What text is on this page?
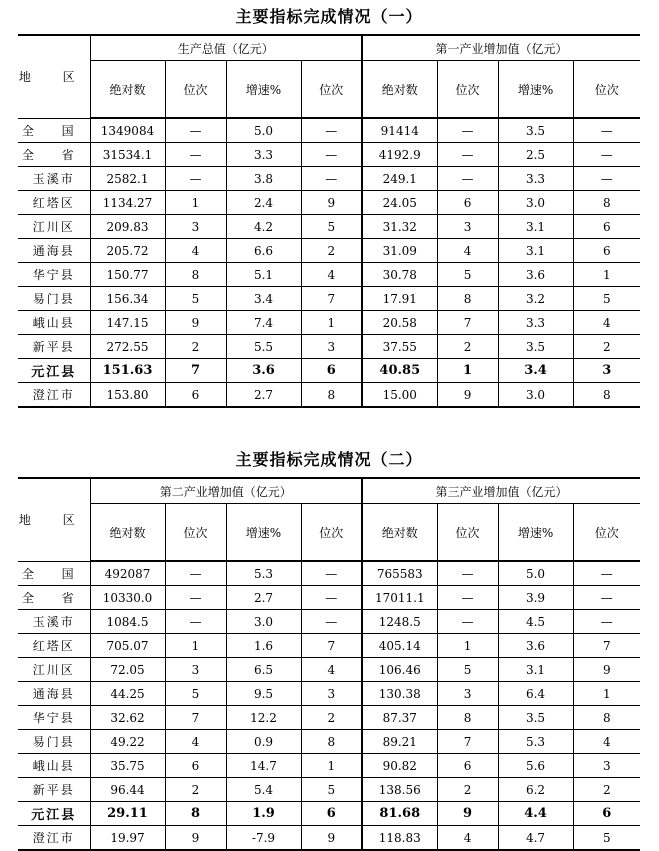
主要指标完成情况（一）
地 区	生产总值（亿元）				第一产业增加值（亿元）			
	绝对数	位次	增速%	位次	绝对数	位次	增速%	位次
全 国	1349084	—	5.0	—	91414	—	3.5	—
全 省	31534.1	—	3.3	—	4192.9	—	2.5	—
玉溪市	2582.1	—	3.8	—	249.1	—	3.3	—
红塔区	1134.27	1	2.4	9	24.05	6	3.0	8
江川区	209.83	3	4.2	5	31.32	3	3.1	6
通海县	205.72	4	6.6	2	31.09	4	3.1	6
华宁县	150.77	8	5.1	4	30.78	5	3.6	1
易门县	156.34	5	3.4	7	17.91	8	3.2	5
峨山县	147.15	9	7.4	1	20.58	7	3.3	4
新平县	272.55	2	5.5	3	37.55	2	3.5	2
元江县	151.63	7	3.6	6	40.85	1	3.4	3
澄江市	153.80	6	2.7	8	15.00	9	3.0	8
主要指标完成情况（二）
地 区	第二产业增加值（亿元）				第三产业增加值（亿元）			
	绝对数	位次	增速%	位次	绝对数	位次	增速%	位次
全 国	492087	—	5.3	—	765583	—	5.0	—
全 省	10330.0	—	2.7	—	17011.1	—	3.9	—
玉溪市	1084.5	—	3.0	—	1248.5	—	4.5	—
红塔区	705.07	1	1.6	7	405.14	1	3.6	7
江川区	72.05	3	6.5	4	106.46	5	3.1	9
通海县	44.25	5	9.5	3	130.38	3	6.4	1
华宁县	32.62	7	12.2	2	87.37	8	3.5	8
易门县	49.22	4	0.9	8	89.21	7	5.3	4
峨山县	35.75	6	14.7	1	90.82	6	5.6	3
新平县	96.44	2	5.4	5	138.56	2	6.2	2
元江县	29.11	8	1.9	6	81.68	9	4.4	6
澄江市	19.97	9	-7.9	9	118.83	4	4.7	5
